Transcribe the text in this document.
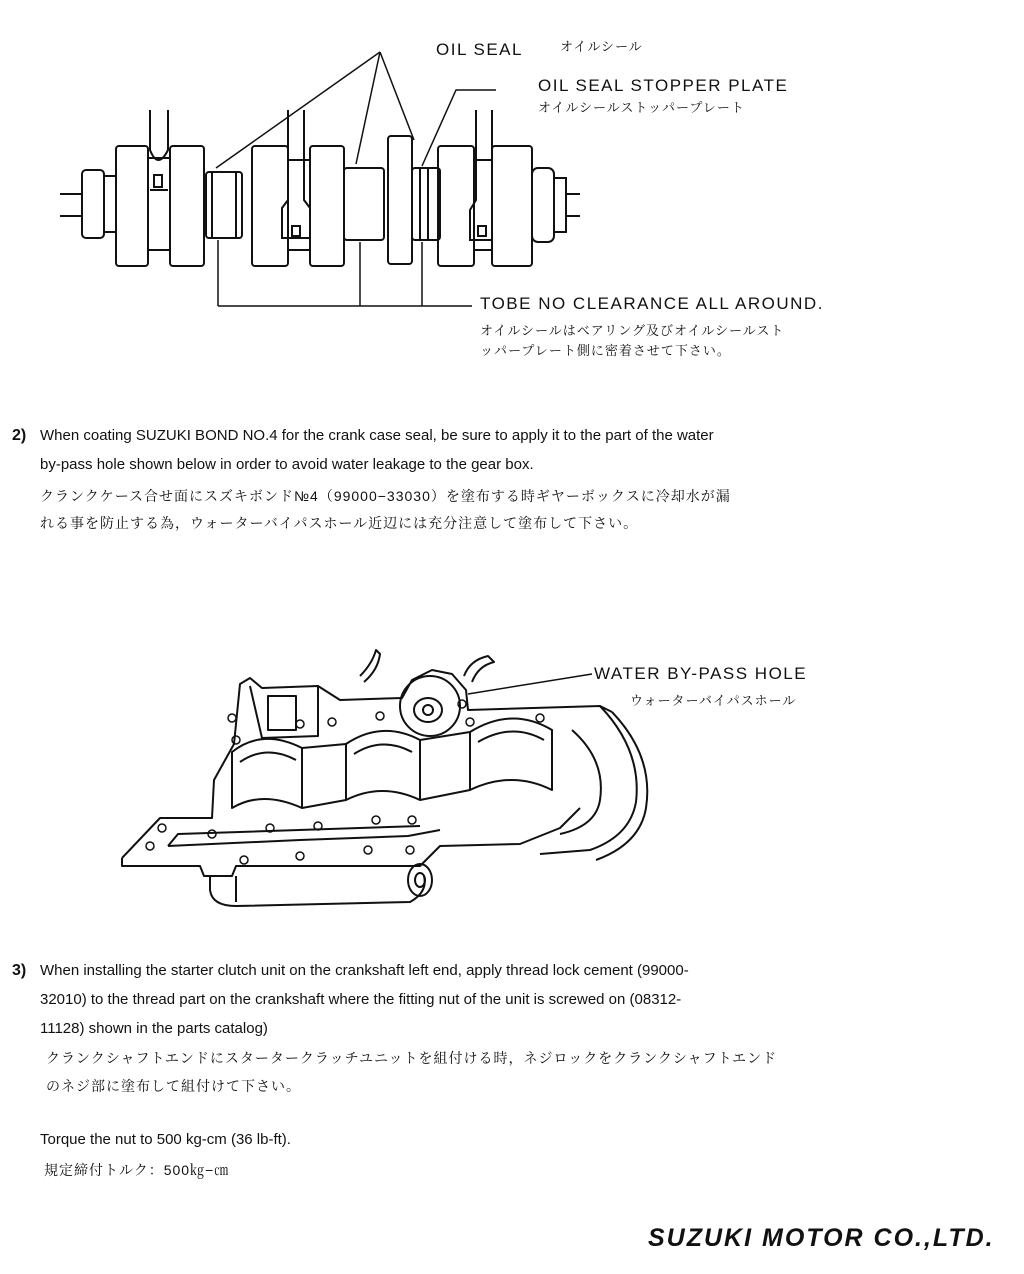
OIL SEAL	オイルシール
OIL SEAL STOPPER PLATE
オイルシールストッパープレート
TOBE NO CLEARANCE ALL AROUND.
オイルシールはベアリング及びオイルシールスト
ッパープレート側に密着させて下さい。
2) When coating SUZUKI BOND NO.4 for the crank case seal, be sure to apply it to the part of the water
by-pass hole shown below in order to avoid water leakage to the gear box.
クランクケース合せ面にスズキボンド№4（99000−33030）を塗布する時ギヤーボックスに冷却水が漏
れる事を防止する為，ウォーターバイパスホール近辺には充分注意して塗布して下さい。
WATER BY-PASS HOLE
ウォーターバイパスホール
3) When installing the starter clutch unit on the crankshaft left end, apply thread lock cement (99000-
32010) to the thread part on the crankshaft where the fitting nut of the unit is screwed on (08312-
11128) shown in the parts catalog)
クランクシャフトエンドにスタータークラッチユニットを組付ける時，ネジロックをクランクシャフトエンド
のネジ部に塗布して組付けて下さい。
Torque the nut to 500 kg-cm (36 lb-ft).
規定締付トルク：500㎏−㎝
SUZUKI MOTOR CO.,LTD.
